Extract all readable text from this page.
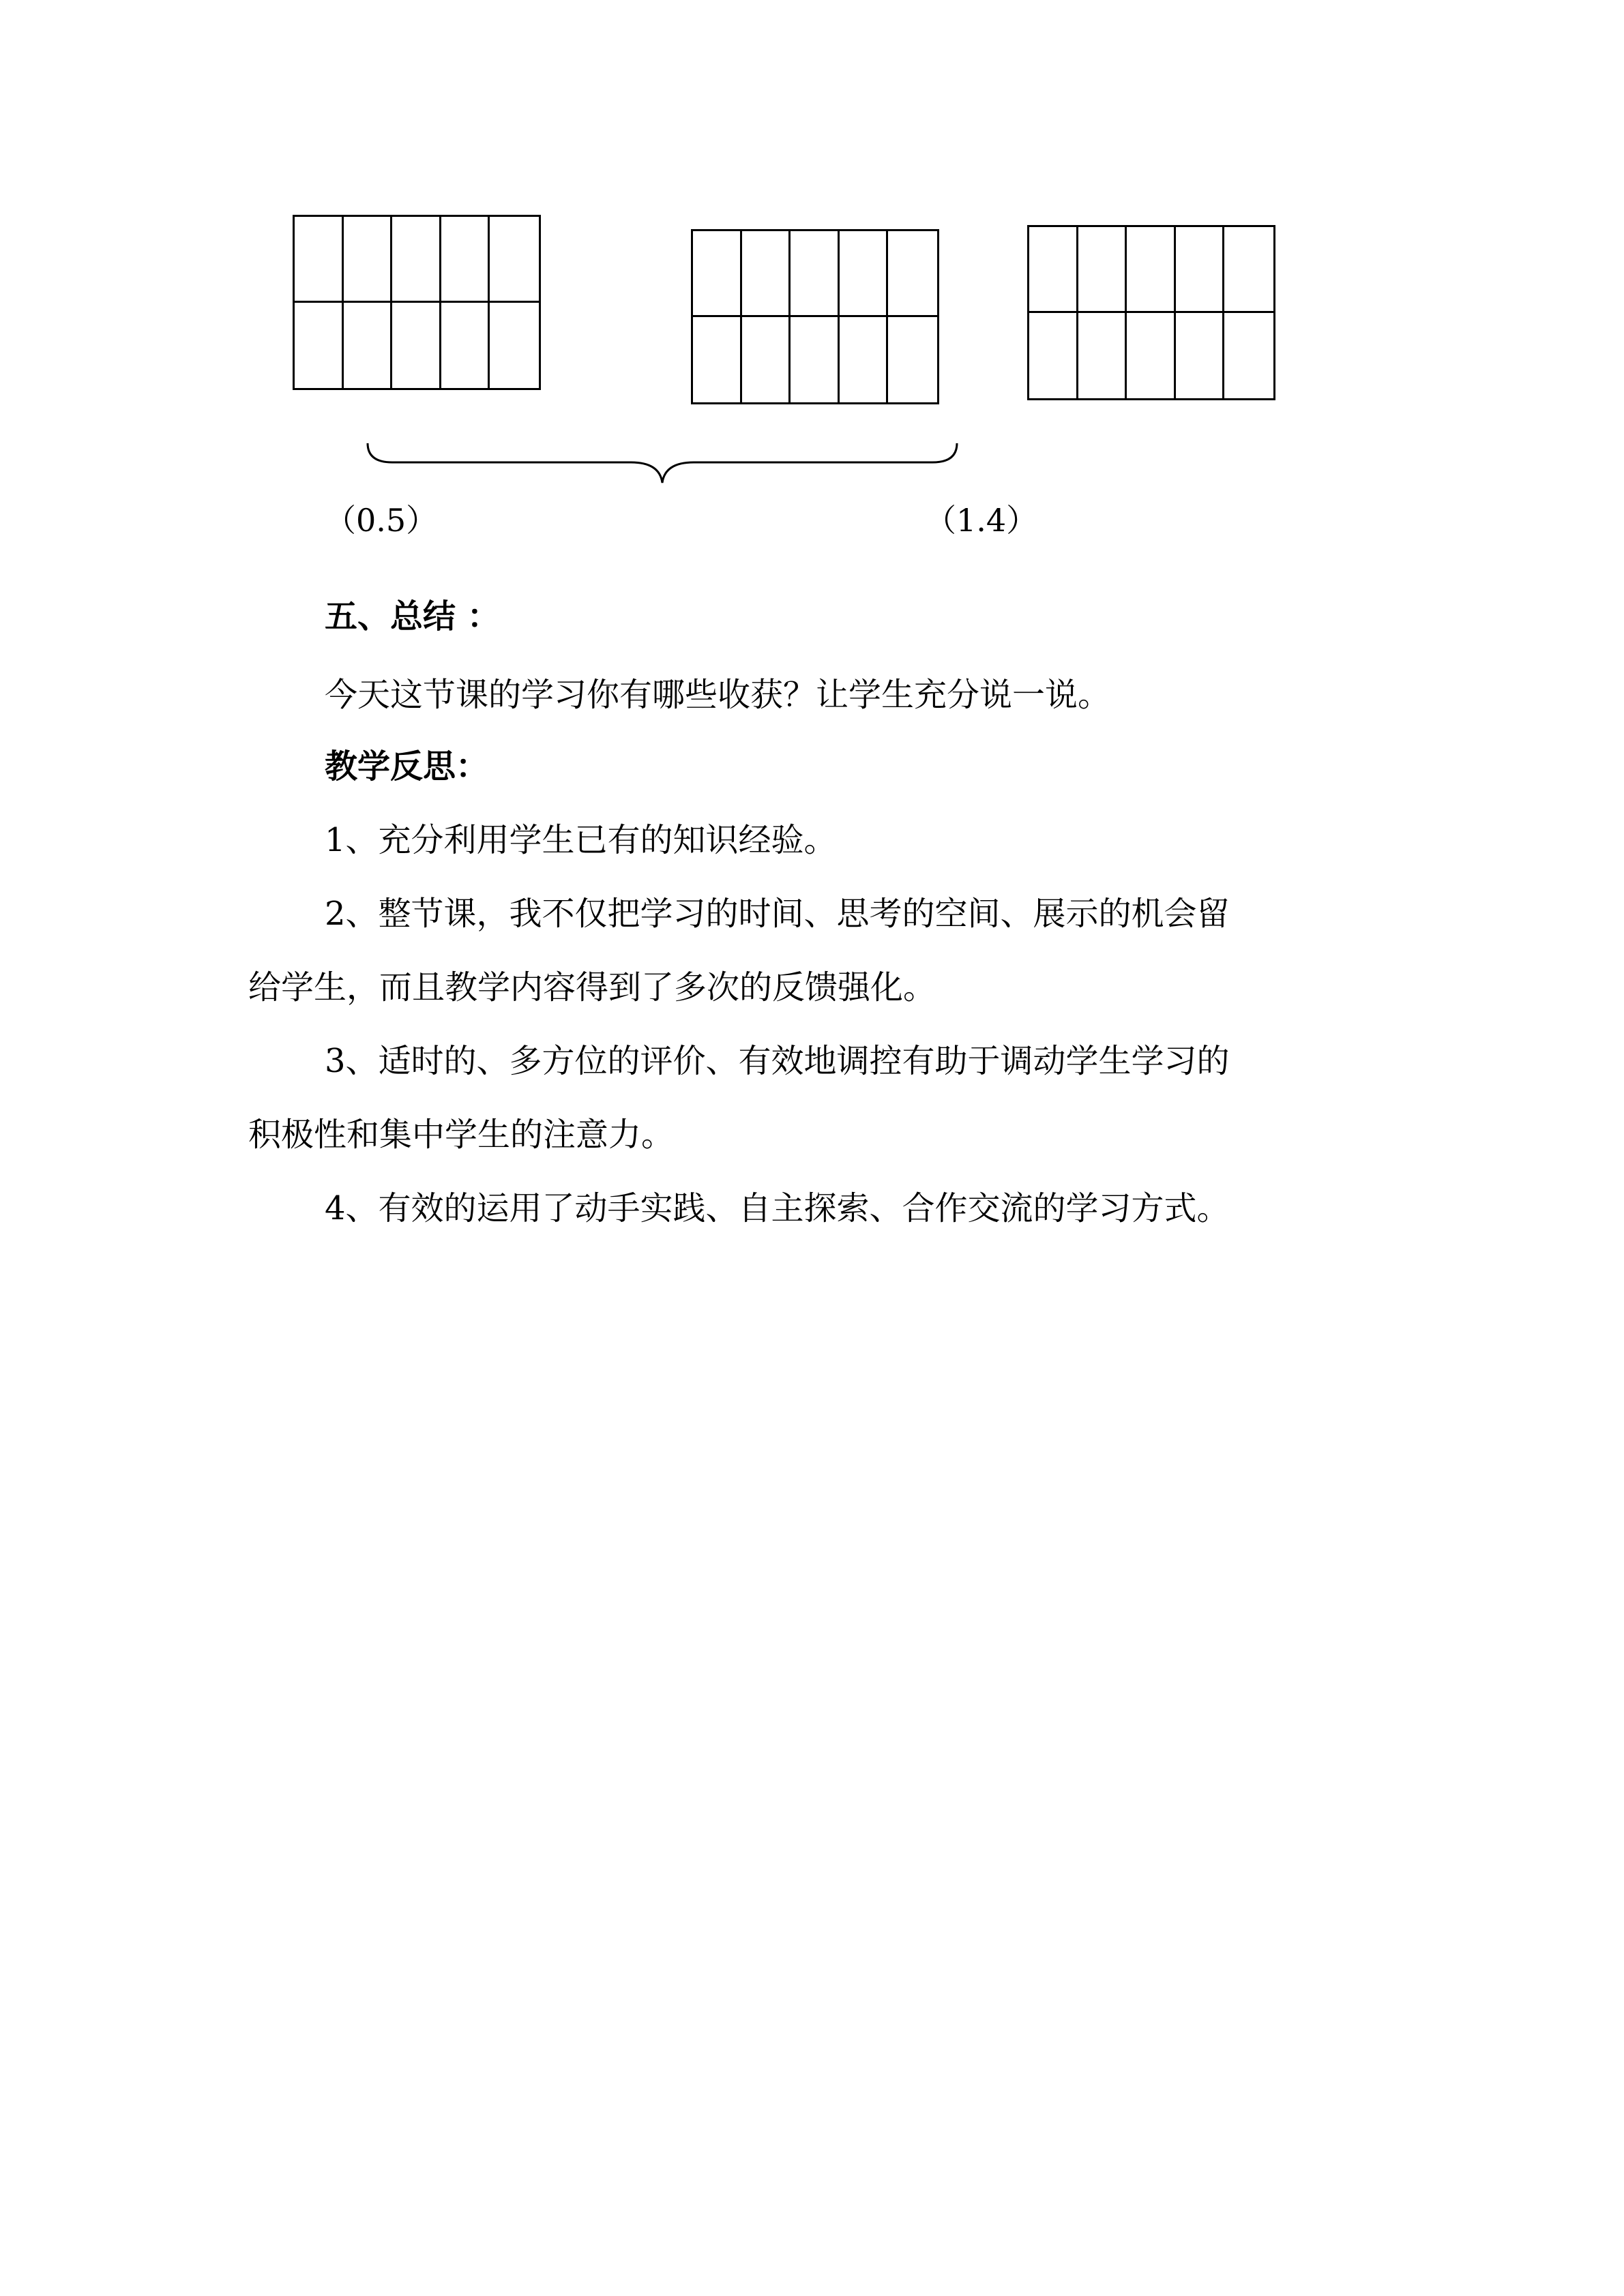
（0.5）	（1.4）
五、总结 ：
今天这节课的学习你有哪些收获？让学生充分说一说。
教学反思：
1、充分利用学生已有的知识经验。
2、整节课，我不仅把学习的时间、思考的空间、展示的机会留
给学生，而且教学内容得到了多次的反馈强化。
3、适时的、多方位的评价、有效地调控有助于调动学生学习的
积极性和集中学生的注意力。
4、有效的运用了动手实践、自主探索、合作交流的学习方式。
